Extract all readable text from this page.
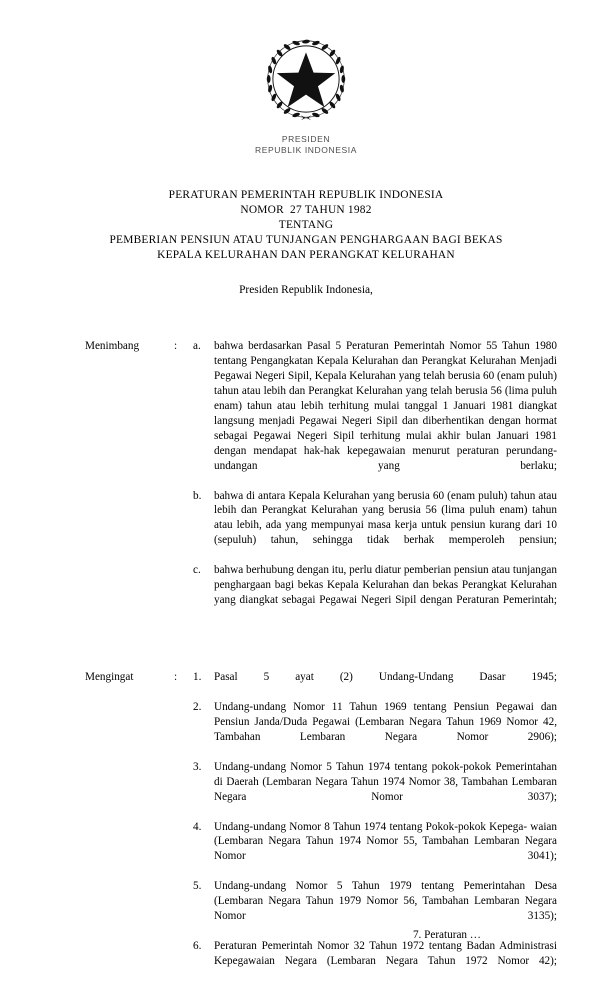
PRESIDEN
REPUBLIK INDONESIA
PERATURAN PEMERINTAH REPUBLIK INDONESIA
NOMOR  27 TAHUN 1982
TENTANG
PEMBERIAN PENSIUN ATAU TUNJANGAN PENGHARGAAN BAGI BEKAS
KEPALA KELURAHAN DAN PERANGKAT KELURAHAN
Presiden Republik Indonesia,
Menimbang	:	a.	bahwa berdasarkan Pasal 5 Peraturan Pemerintah Nomor 55 Tahun 1980 tentang Pengangkatan Kepala Kelurahan dan Perangkat Kelurahan Menjadi Pegawai Negeri Sipil, Kepala Kelurahan yang telah berusia 60 (enam puluh) tahun atau lebih dan Perangkat Kelurahan yang telah berusia 56 (lima puluh enam) tahun atau lebih terhitung mulai tanggal 1 Januari 1981 diangkat langsung menjadi Pegawai Negeri Sipil dan diberhentikan dengan hormat sebagai Pegawai Negeri Sipil terhitung mulai akhir bulan Januari 1981 dengan mendapat hak-hak kepegawaian menurut peraturan perundang-undangan yang berlaku;
b.	bahwa di antara Kepala Kelurahan yang berusia 60 (enam puluh) tahun atau lebih dan Perangkat Kelurahan yang berusia 56 (lima puluh enam) tahun atau lebih, ada yang mempunyai masa kerja untuk pensiun kurang dari 10 (sepuluh) tahun, sehingga tidak berhak memperoleh pensiun;
c.	bahwa berhubung dengan itu, perlu diatur pemberian pensiun atau tunjangan penghargaan bagi bekas Kepala Kelurahan dan bekas Perangkat Kelurahan yang diangkat sebagai Pegawai Negeri Sipil dengan Peraturan Pemerintah;
Mengingat	:	1.	Pasal 5 ayat (2) Undang-Undang Dasar 1945;
2.	Undang-undang Nomor 11 Tahun 1969 tentang Pensiun Pegawai dan Pensiun Janda/Duda Pegawai (Lembaran Negara Tahun 1969 Nomor 42, Tambahan Lembaran Negara Nomor 2906);
3.	Undang-undang Nomor 5 Tahun 1974 tentang pokok-pokok Pemerintahan di Daerah (Lembaran Negara Tahun 1974 Nomor 38, Tambahan Lembaran Negara Nomor 3037);
4.	Undang-undang Nomor 8 Tahun 1974 tentang Pokok-pokok Kepega- waian (Lembaran Negara Tahun 1974 Nomor 55, Tambahan Lembaran Negara Nomor 3041);
5.	Undang-undang Nomor 5 Tahun 1979 tentang Pemerintahan Desa (Lembaran Negara Tahun 1979 Nomor 56, Tambahan Lembaran Negara Nomor 3135);
6.	Peraturan Pemerintah Nomor 32 Tahun 1972 tentang Badan Administrasi Kepegawaian Negara (Lembaran Negara Tahun 1972 Nomor 42);
7. Peraturan …
